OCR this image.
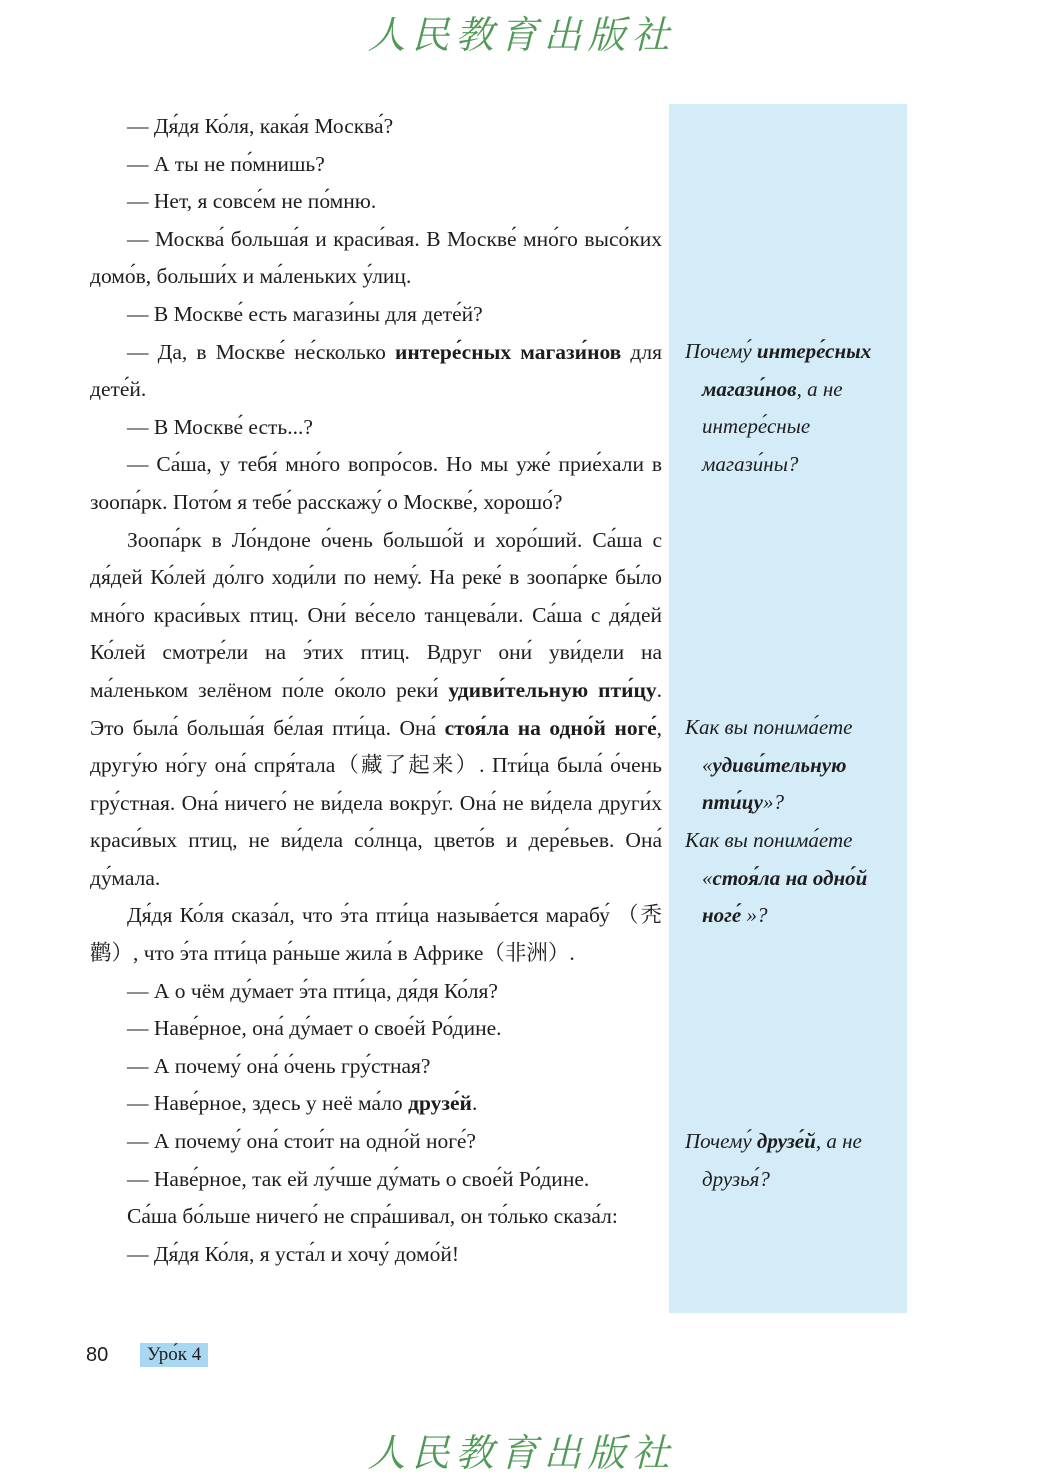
人民教育出版社

— Дя́дя Ко́ля, кака́я Москва́?

— А ты не по́мнишь?

— Нет, я совсе́м не по́мню.

— Москва́ больша́я и краси́вая. В Москве́ мно́го высо́ких домо́в, больши́х и ма́леньких у́лиц.

— В Москве́ есть магази́ны для дете́й?

— Да, в Москве́ не́сколько интере́сных магази́нов для дете́й.

— В Москве́ есть...?

— Са́ша, у тебя́ мно́го вопро́сов. Но мы уже́ прие́хали в зоопа́рк. Пото́м я тебе́ расскажу́ о Москве́, хорошо́?

Зоопа́рк в Ло́ндоне о́чень большо́й и хоро́ший. Са́ша с дя́дей Ко́лей до́лго ходи́ли по нему́. На реке́ в зоопа́рке бы́ло мно́го краси́вых птиц. Они́ ве́село танцева́ли. Са́ша с дя́дей Ко́лей смотре́ли на э́тих птиц. Вдруг они́ уви́дели на ма́леньком зелёном по́ле о́коло реки́ удиви́тельную пти́цу. Это была́ больша́я бе́лая пти́ца. Она́ стоя́ла на одно́й ноге́, другу́ю но́гу она́ спря́тала（藏了起来）. Пти́ца была́ о́чень гру́стная. Она́ ничего́ не ви́дела вокру́г. Она́ не ви́дела други́х краси́вых птиц, не ви́дела со́лнца, цвето́в и дере́вьев. Она́ ду́мала.

Дя́дя Ко́ля сказа́л, что э́та пти́ца называ́ется марабу́ （秃鹳）, что э́та пти́ца ра́ньше жила́ в Африке（非洲）.

— А о чём ду́мает э́та пти́ца, дя́дя Ко́ля?

— Наве́рное, она́ ду́мает о свое́й Ро́дине.

— А почему́ она́ о́чень гру́стная?

— Наве́рное, здесь у неё ма́ло друзе́й.

— А почему́ она́ стои́т на одно́й ноге́?

— Наве́рное, так ей лу́чше ду́мать о свое́й Ро́дине.

Са́ша бо́льше ничего́ не спра́шивал, он то́лько сказа́л:

— Дя́дя Ко́ля, я уста́л и хочу́ домо́й!

Почему́ интере́сных
магази́нов, а не интере́сные магази́ны?
Как вы понима́ете
«удиви́тельную пти́цу»?
Как вы понима́ете
«стоя́ла на одно́й ноге́ »?
Почему́ друзе́й, а не
друзья́?
80	Уро́к 4
人民教育出版社
